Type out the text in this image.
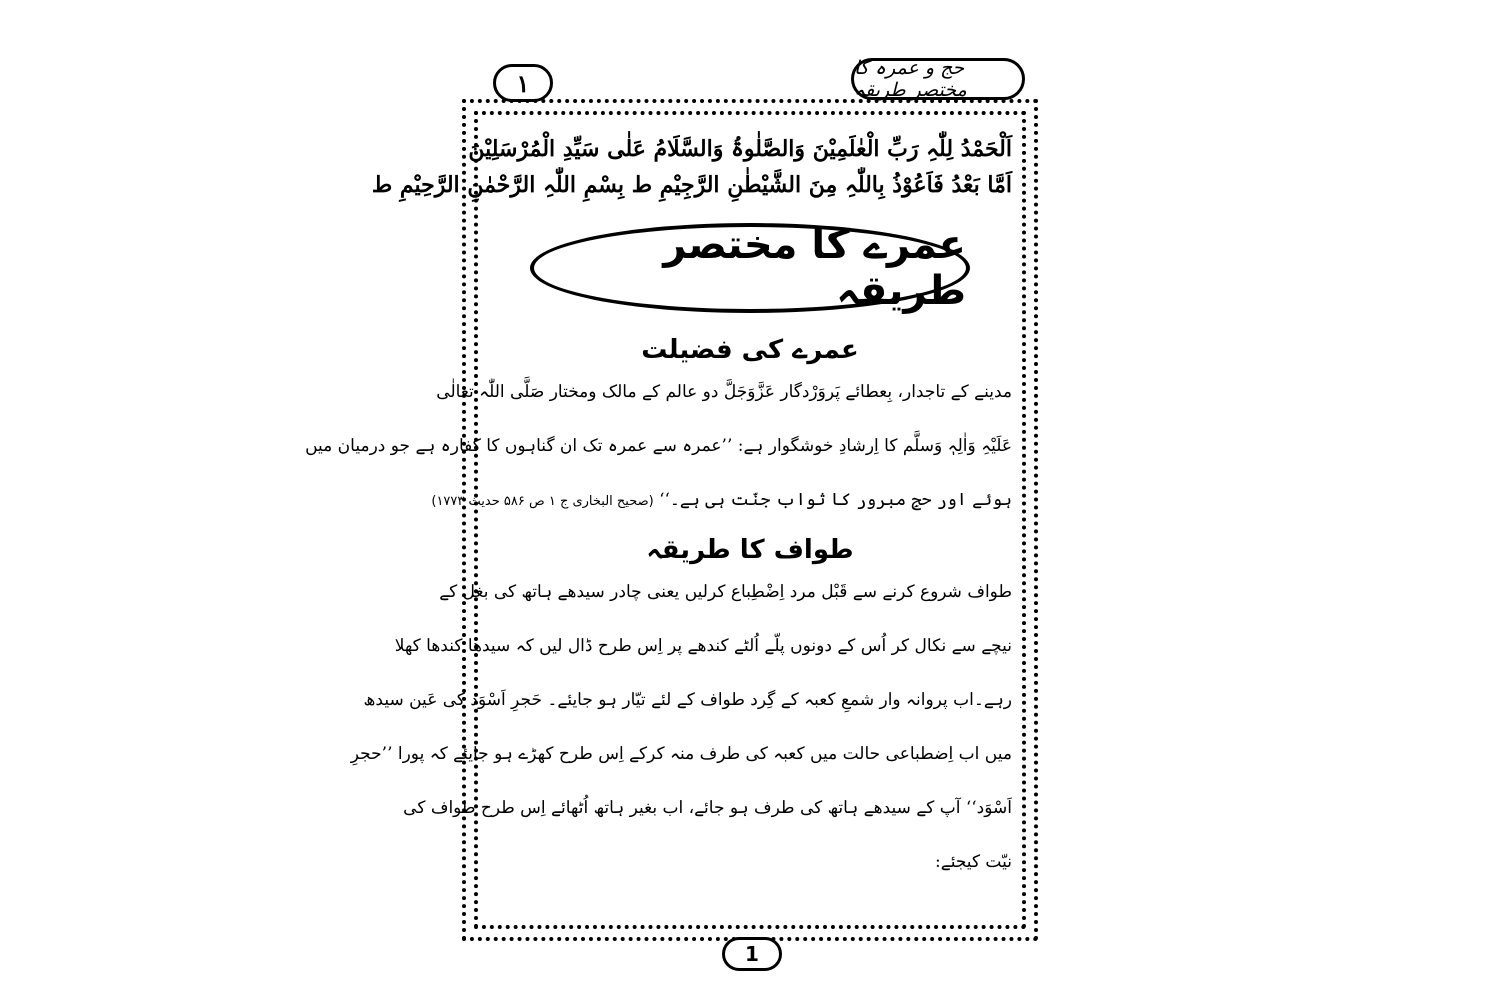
١
حج و عمرہ کا مختصر طریقہ
اَلْحَمْدُ لِلّٰہِ رَبِّ الْعٰلَمِیْنَ وَالصَّلٰوۃُ وَالسَّلَامُ عَلٰی سَیِّدِ الْمُرْسَلِیْنَ
اَمَّا بَعْدُ فَاَعُوْذُ بِاللّٰہِ مِنَ الشَّیْطٰنِ الرَّجِیْمِ ط بِسْمِ اللّٰہِ الرَّحْمٰنِ الرَّحِیْمِ ط
عمرے کا مختصر طریقہ
عمرے کی فضیلت
مدینے کے تاجدار، بِعطائے پَروَرْدگار عَزَّوَجَلَّ دو عالم کے مالک ومختار صَلَّی اللّٰہ تعالٰی
عَلَیْہِ وَاٰلِہٖ وَسلَّم کا اِرشادِ خوشگوار ہے: ’’عمرہ سے عمرہ تک ان گناہوں کا کفارہ ہے جو درمیان میں
ہوئے اور حجِ مبرور کا ثواب جنّت ہی ہے۔‘‘ (صحیح البخاری ج ۱ ص ۵۸۶ حدیث ۱۷۷۳)
طواف کا طریقہ
طواف شروع کرنے سے قَبْل مرد اِضْطِباع کرلیں یعنی چادر سیدھے ہاتھ کی بغل کے
نیچے سے نکال کر اُس کے دونوں پلّے اُلٹے کندھے پر اِس طرح ڈال لیں کہ سیدھا کندھا کھلا
رہے۔اب پروانہ وار شمعِ کعبہ کے گِرد طواف کے لئے تیّار ہو جایئے۔ حَجرِ اَسْوَد کی عَین سیدھ
میں اب اِضطباعی حالت میں کعبہ کی طرف منہ کرکے اِس طرح کھڑے ہو جایئے کہ پورا ’’حجرِ
اَسْوَد‘‘ آپ کے سیدھے ہاتھ کی طرف ہو جائے، اب بغیر ہاتھ اُٹھائے اِس طرح طواف کی
نیّت کیجئے:
1
